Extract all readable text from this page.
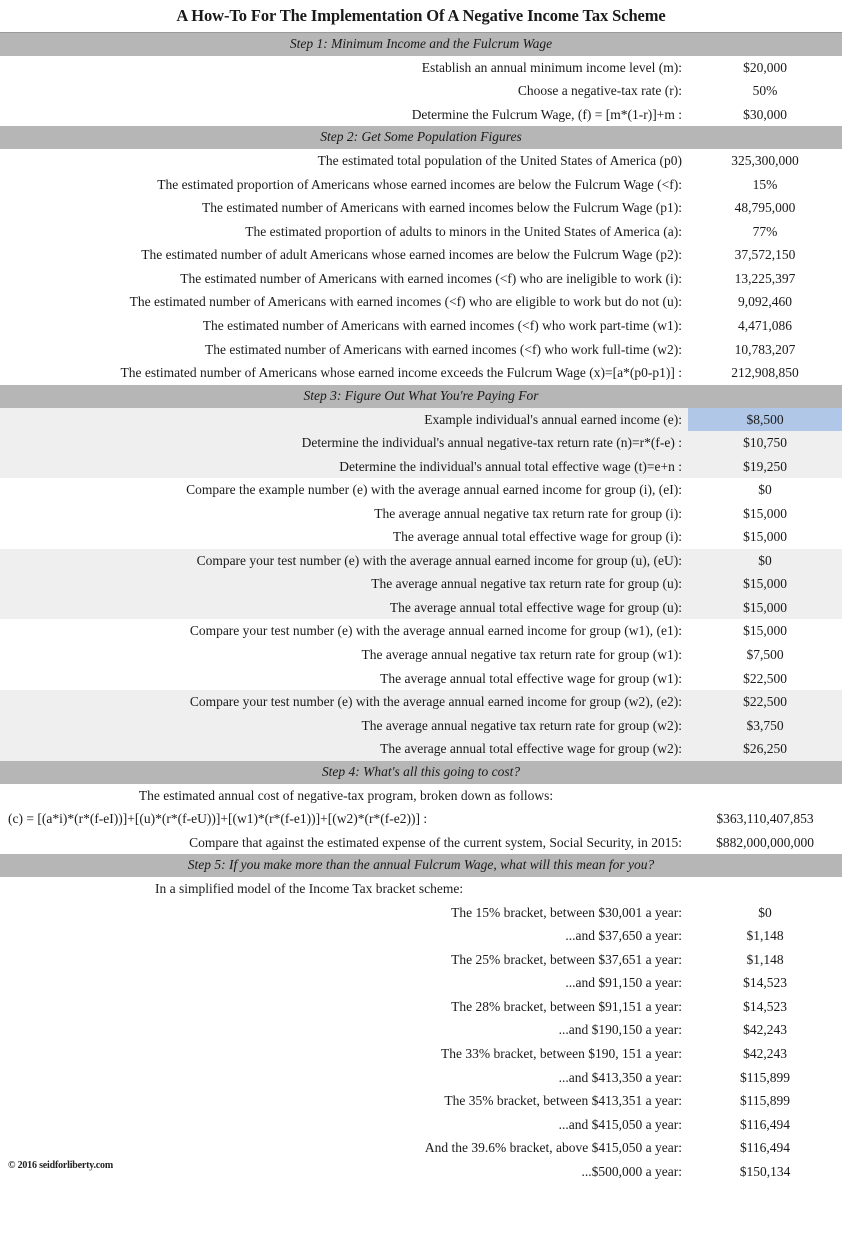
A How-To For The Implementation Of A Negative Income Tax Scheme
Step 1: Minimum Income and the Fulcrum Wage	
Establish an annual minimum income level (m):	$20,000
Choose a negative-tax rate (r):	50%
Determine the Fulcrum Wage, (f) = [m*(1-r)]+m :	$30,000
Step 2: Get Some Population Figures	
The estimated total population of the United States of America (p0)	325,300,000
The estimated proportion of Americans whose earned incomes are below the Fulcrum Wage (<f):	15%
The estimated number of Americans with earned incomes below the Fulcrum Wage (p1):	48,795,000
The estimated proportion of adults to minors in the United States of America (a):	77%
The estimated number of adult Americans whose earned incomes are below the Fulcrum Wage (p2):	37,572,150
The estimated number of Americans with earned incomes (<f) who are ineligible to work (i):	13,225,397
The estimated number of Americans with earned incomes (<f) who are eligible to work but do not (u):	9,092,460
The estimated number of Americans with earned incomes (<f) who work part-time (w1):	4,471,086
The estimated number of Americans with earned incomes (<f) who work full-time (w2):	10,783,207
The estimated number of Americans whose earned income exceeds the Fulcrum Wage (x)=[a*(p0-p1)] :	212,908,850
Step 3: Figure Out What You're Paying For	
Example individual's annual earned income (e):	$8,500
Determine the individual's annual negative-tax return rate (n)=r*(f-e) :	$10,750
Determine the individual's annual total effective wage (t)=e+n :	$19,250
Compare the example number (e) with the average annual earned income for group (i), (eI):	$0
The average annual negative tax return rate for group (i):	$15,000
The average annual total effective wage for group (i):	$15,000
Compare your test number (e) with the average annual earned income for group (u), (eU):	$0
The average annual negative tax return rate for group (u):	$15,000
The average annual total effective wage for group (u):	$15,000
Compare your test number (e) with the average annual earned income for group (w1), (e1):	$15,000
The average annual negative tax return rate for group (w1):	$7,500
The average annual total effective wage for group (w1):	$22,500
Compare your test number (e) with the average annual earned income for group (w2), (e2):	$22,500
The average annual negative tax return rate for group (w2):	$3,750
The average annual total effective wage for group (w2):	$26,250
Step 4: What's all this going to cost?	
The estimated annual cost of negative-tax program, broken down as follows:	
(c) = [(a*i)*(r*(f-eI))]+[(u)*(r*(f-eU))]+[(w1)*(r*(f-e1))]+[(w2)*(r*(f-e2))] :	$363,110,407,853
Compare that against the estimated expense of the current system, Social Security, in 2015:	$882,000,000,000
Step 5: If you make more than the annual Fulcrum Wage, what will this mean for you?	
In a simplified model of the Income Tax bracket scheme:	
The 15% bracket, between $30,001 a year:	$0
...and $37,650 a year:	$1,148
The 25% bracket, between $37,651 a year:	$1,148
...and $91,150 a year:	$14,523
The 28% bracket, between $91,151 a year:	$14,523
...and $190,150 a year:	$42,243
The 33% bracket, between $190, 151 a year:	$42,243
...and $413,350 a year:	$115,899
The 35% bracket, between $413,351 a year:	$115,899
...and $415,050 a year:	$116,494
And the 39.6% bracket, above $415,050 a year:	$116,494
...$500,000 a year:	$150,134
© 2016 seidforliberty.com
